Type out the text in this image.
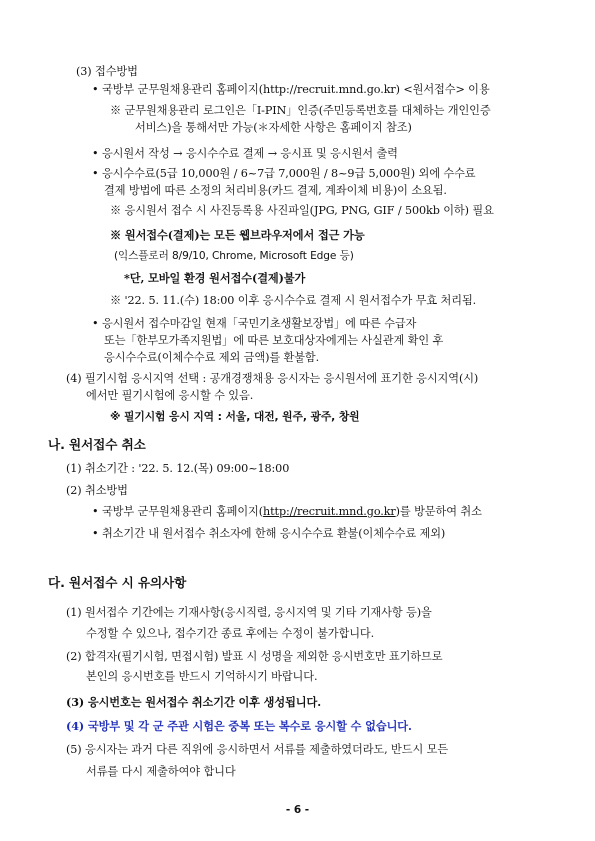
(3) 접수방법
• 국방부 군무원채용관리 홈페이지(http://recruit.mnd.go.kr) <원서접수> 이용
※ 군무원채용관리 로그인은「I-PIN」인증(주민등록번호를 대체하는 개인인증
서비스)을 통해서만 가능(＊자세한 사항은 홈페이지 참조)
• 응시원서 작성 → 응시수수료 결제 → 응시표 및 응시원서 출력
• 응시수수료(5급 10,000원 / 6~7급 7,000원 / 8~9급 5,000원) 외에 수수료
결제 방법에 따른 소정의 처리비용(카드 결제, 계좌이체 비용)이 소요됨.
※ 응시원서 접수 시 사진등록용 사진파일(JPG, PNG, GIF / 500kb 이하) 필요
※ 원서접수(결제)는 모든 웹브라우저에서 접근 가능
(익스플로러 8/9/10, Chrome, Microsoft Edge 등)
*단, 모바일 환경 원서접수(결제)불가
※ '22. 5. 11.(수) 18:00 이후 응시수수료 결제 시 원서접수가 무효 처리됨.
• 응시원서 접수마감일 현재「국민기초생활보장법」에 따른 수급자
또는「한부모가족지원법」에 따른 보호대상자에게는 사실관계 확인 후
응시수수료(이체수수료 제외 금액)를 환불함.
(4) 필기시험 응시지역 선택 : 공개경쟁채용 응시자는 응시원서에 표기한 응시지역(시)
에서만 필기시험에 응시할 수 있음.
※ 필기시험 응시 지역 : 서울, 대전, 원주, 광주, 창원
나. 원서접수 취소
(1) 취소기간 : '22. 5. 12.(목) 09:00~18:00
(2) 취소방법
• 국방부 군무원채용관리 홈페이지(http://recruit.mnd.go.kr)를 방문하여 취소
• 취소기간 내 원서접수 취소자에 한해 응시수수료 환불(이체수수료 제외)
다. 원서접수 시 유의사항
(1) 원서접수 기간에는 기재사항(응시직렬, 응시지역 및 기타 기재사항 등)을
수정할 수 있으나, 접수기간 종료 후에는 수정이 불가합니다.
(2) 합격자(필기시험, 면접시험) 발표 시 성명을 제외한 응시번호만 표기하므로
본인의 응시번호를 반드시 기억하시기 바랍니다.
(3) 응시번호는 원서접수 취소기간 이후 생성됩니다.
(4) 국방부 및 각 군 주관 시험은 중복 또는 복수로 응시할 수 없습니다.
(5) 응시자는 과거 다른 직위에 응시하면서 서류를 제출하였더라도, 반드시 모든
서류를 다시 제출하여야 합니다
- 6 -
